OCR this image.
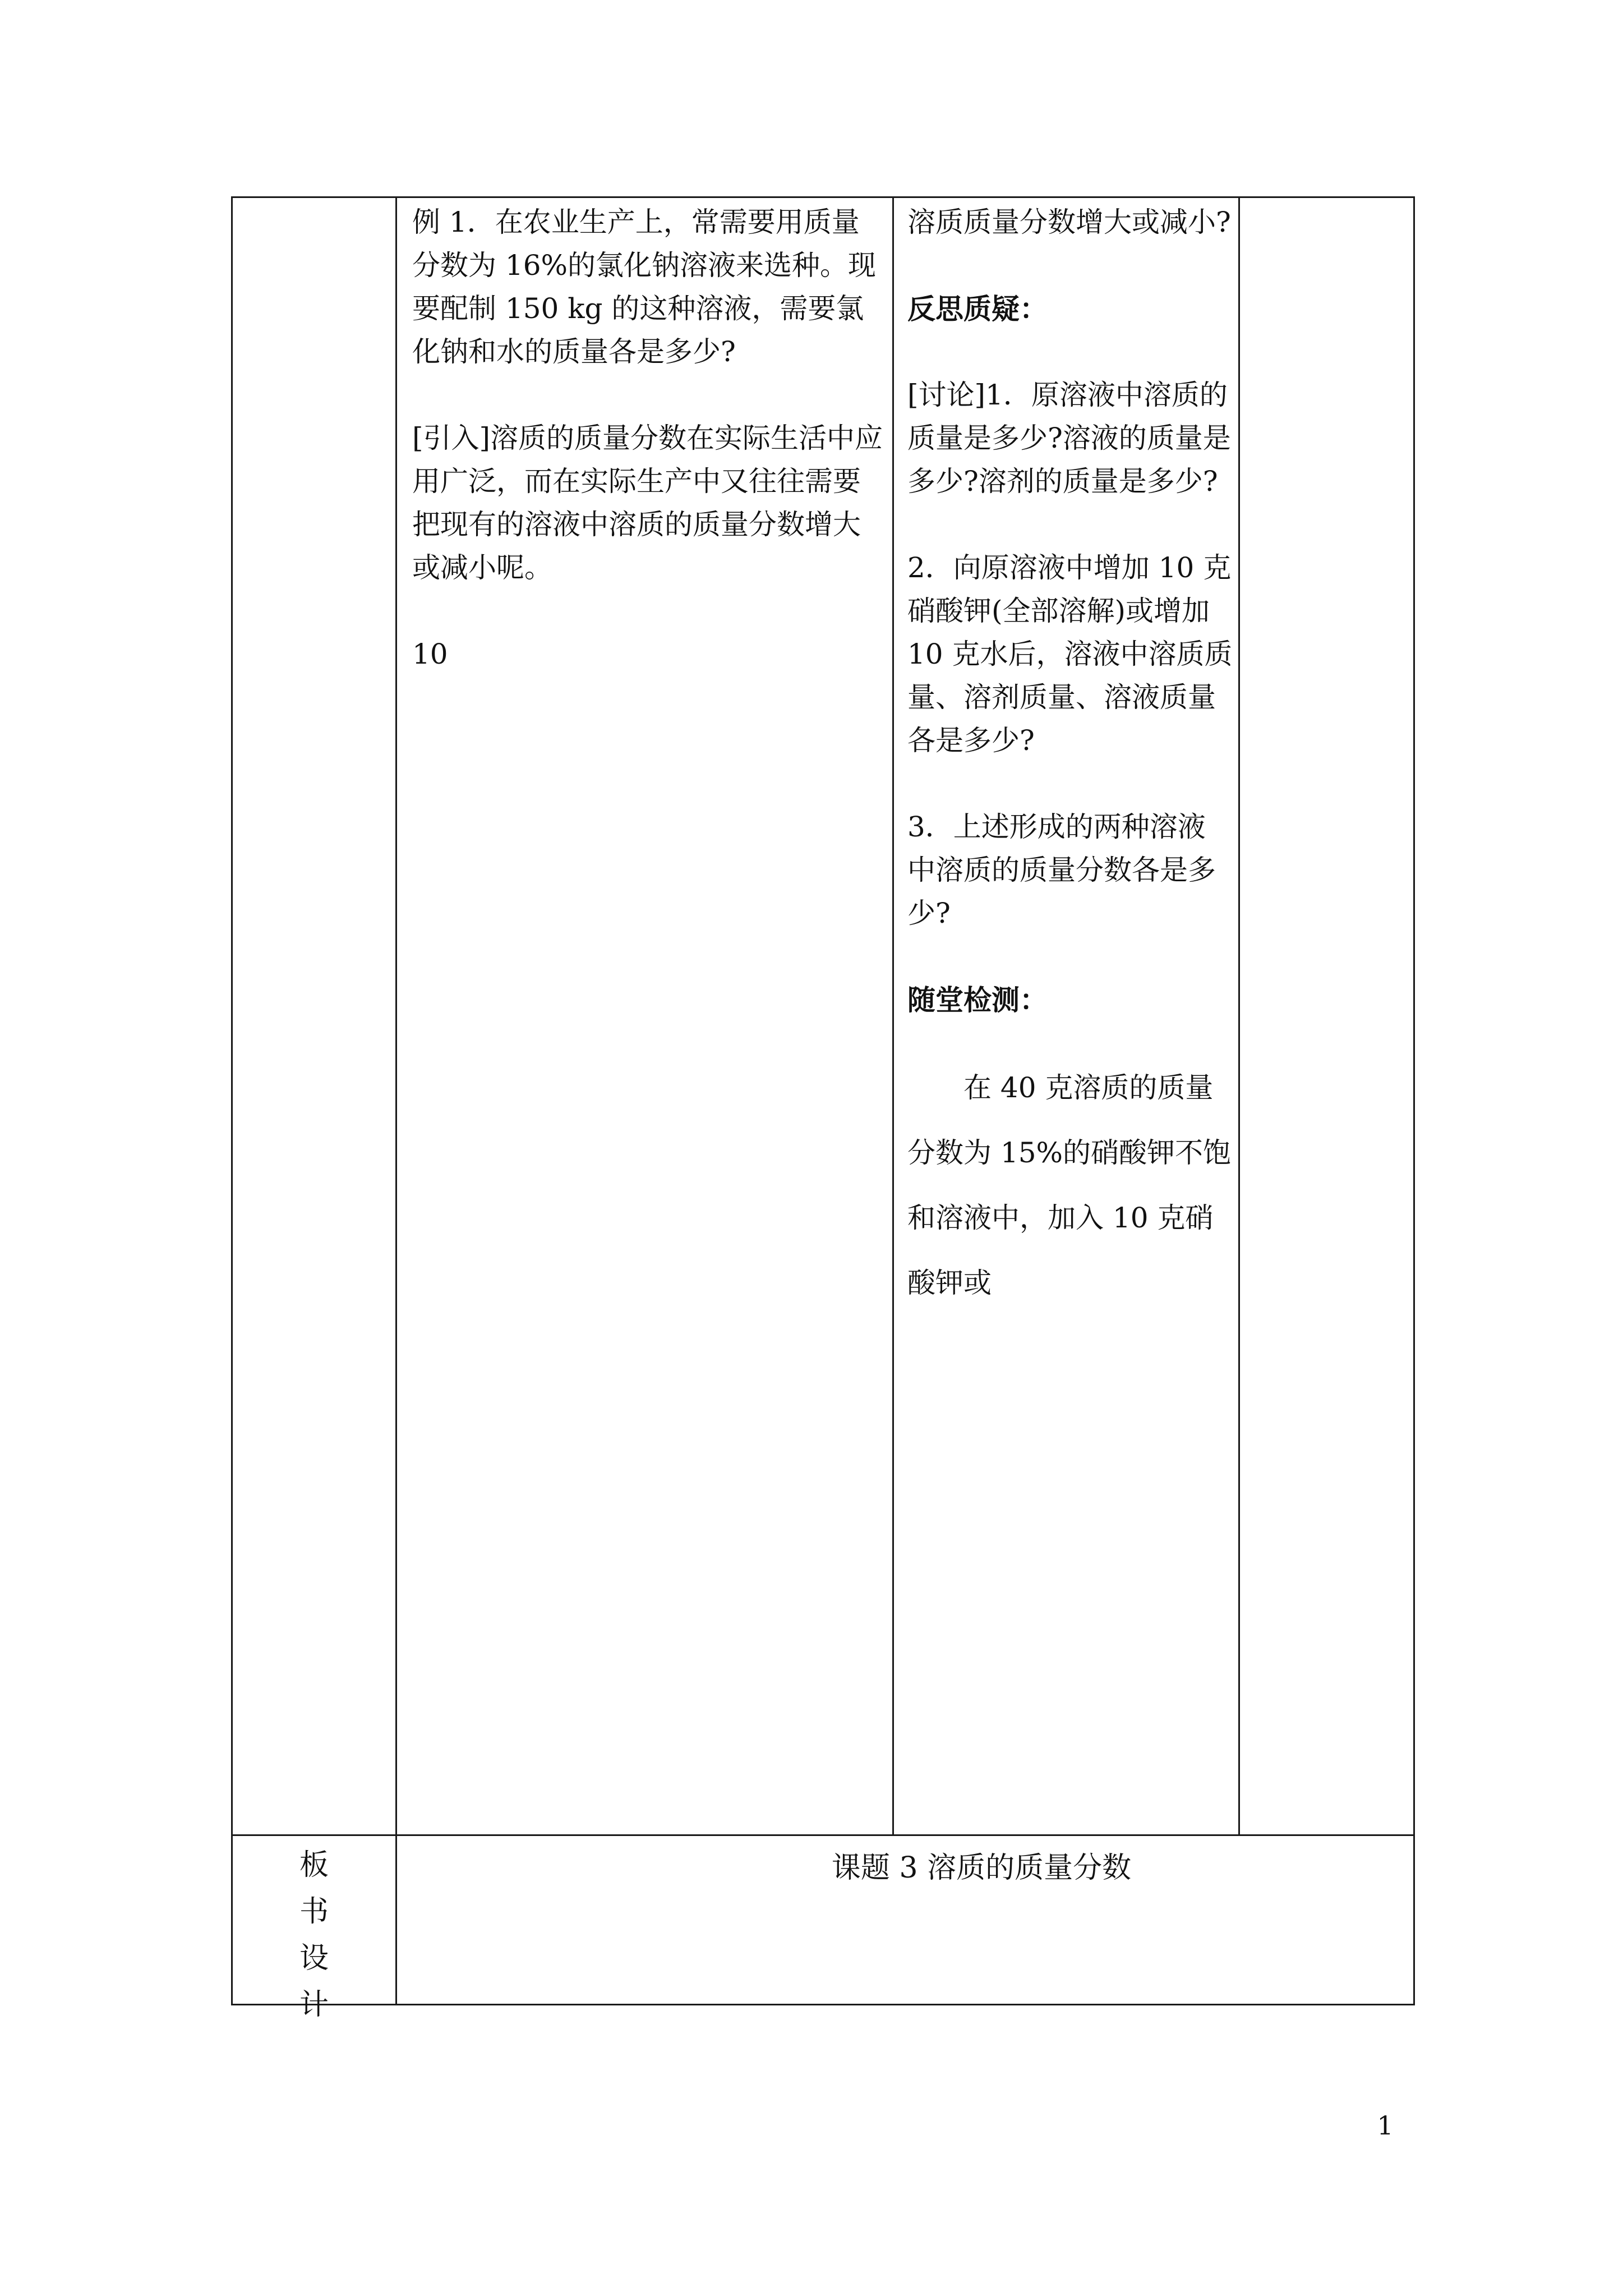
例 1．在农业生产上，常需要用质量分数为 16%的氯化钠溶液来选种。现要配制 150 kg 的这种溶液，需要氯化钠和水的质量各是多少?

[引入]溶质的质量分数在实际生活中应用广泛，而在实际生产中又往往需要把现有的溶液中溶质的质量分数增大或减小呢。

10

溶质质量分数增大或减小?

反思质疑：

[讨论]1．原溶液中溶质的质量是多少?溶液的质量是多少?溶剂的质量是多少?

2．向原溶液中增加 10 克硝酸钾(全部溶解)或增加 10 克水后，溶液中溶质质量、溶剂质量、溶液质量各是多少?

3．上述形成的两种溶液中溶质的质量分数各是多少?

随堂检测：

在 40 克溶质的质量分数为 15%的硝酸钾不饱和溶液中，加入 10 克硝酸钾或

板
书
设
计
课题 3 溶质的质量分数
1
